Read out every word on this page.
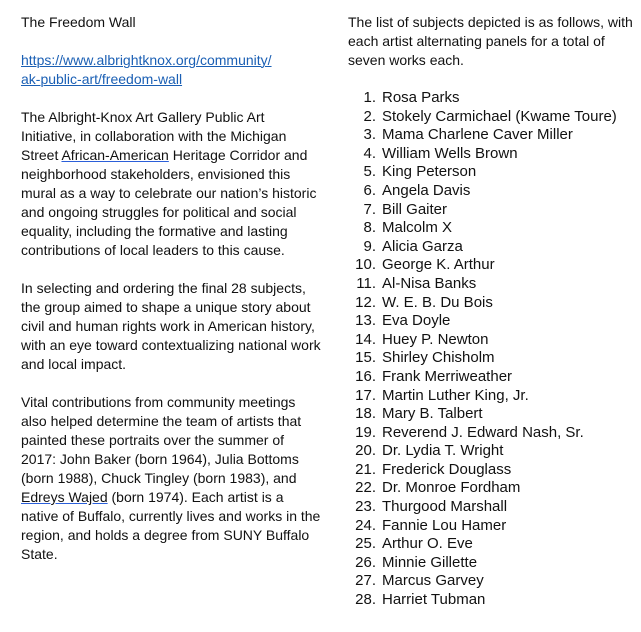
The Freedom Wall

https://www.albrightknox.org/community/
ak-public-art/freedom-wall

The Albright-Knox Art Gallery Public Art Initiative, in collaboration with the Michigan Street African-American Heritage Corridor and neighborhood stakeholders, envisioned this mural as a way to celebrate our nation’s historic and ongoing struggles for political and social equality, including the formative and lasting contributions of local leaders to this cause.

In selecting and ordering the final 28 subjects, the group aimed to shape a unique story about civil and human rights work in American history, with an eye toward contextualizing national work and local impact.

Vital contributions from community meetings also helped determine the team of artists that painted these portraits over the summer of 2017: John Baker (born 1964), Julia Bottoms (born 1988), Chuck Tingley (born 1983), and Edreys Wajed (born 1974). Each artist is a native of Buffalo, currently lives and works in the region, and holds a degree from SUNY Buffalo State.

The list of subjects depicted is as follows, with each artist alternating panels for a total of seven works each.

1. Rosa Parks
2. Stokely Carmichael (Kwame Toure)
3. Mama Charlene Caver Miller
4. William Wells Brown
5. King Peterson
6. Angela Davis
7. Bill Gaiter
8. Malcolm X
9. Alicia Garza
10. George K. Arthur
11. Al-Nisa Banks
12. W. E. B. Du Bois
13. Eva Doyle
14. Huey P. Newton
15. Shirley Chisholm
16. Frank Merriweather
17. Martin Luther King, Jr.
18. Mary B. Talbert
19. Reverend J. Edward Nash, Sr.
20. Dr. Lydia T. Wright
21. Frederick Douglass
22. Dr. Monroe Fordham
23. Thurgood Marshall
24. Fannie Lou Hamer
25. Arthur O. Eve
26. Minnie Gillette
27. Marcus Garvey
28. Harriet Tubman
